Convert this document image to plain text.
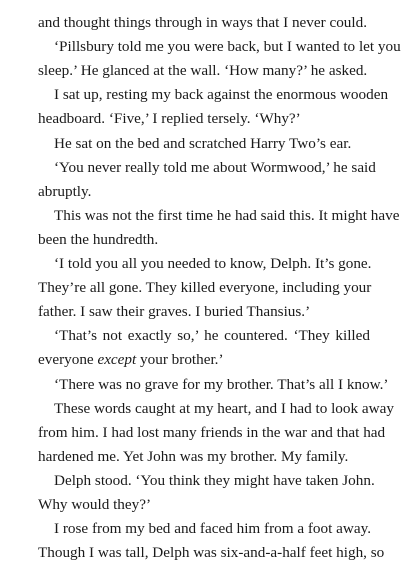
and thought things through in ways that I never could.
‘Pillsbury told me you were back, but I wanted to let you
sleep.’ He glanced at the wall. ‘How many?’ he asked.
I sat up, resting my back against the enormous wooden
headboard. ‘Five,’ I replied tersely. ‘Why?’
He sat on the bed and scratched Harry Two’s ear.
‘You never really told me about Wormwood,’ he said
abruptly.
This was not the first time he had said this. It might have
been the hundredth.
‘I told you all you needed to know, Delph. It’s gone.
They’re all gone. They killed everyone, including your
father. I saw their graves. I buried Thansius.’
‘That’s not exactly so,’ he countered. ‘They killed
everyone except your brother.’
‘There was no grave for my brother. That’s all I know.’
These words caught at my heart, and I had to look away
from him. I had lost many friends in the war and that had
hardened me. Yet John was my brother. My family.
Delph stood. ‘You think they might have taken John.
Why would they?’
I rose from my bed and faced him from a foot away.
Though I was tall, Delph was six-and-a-half feet high, so
